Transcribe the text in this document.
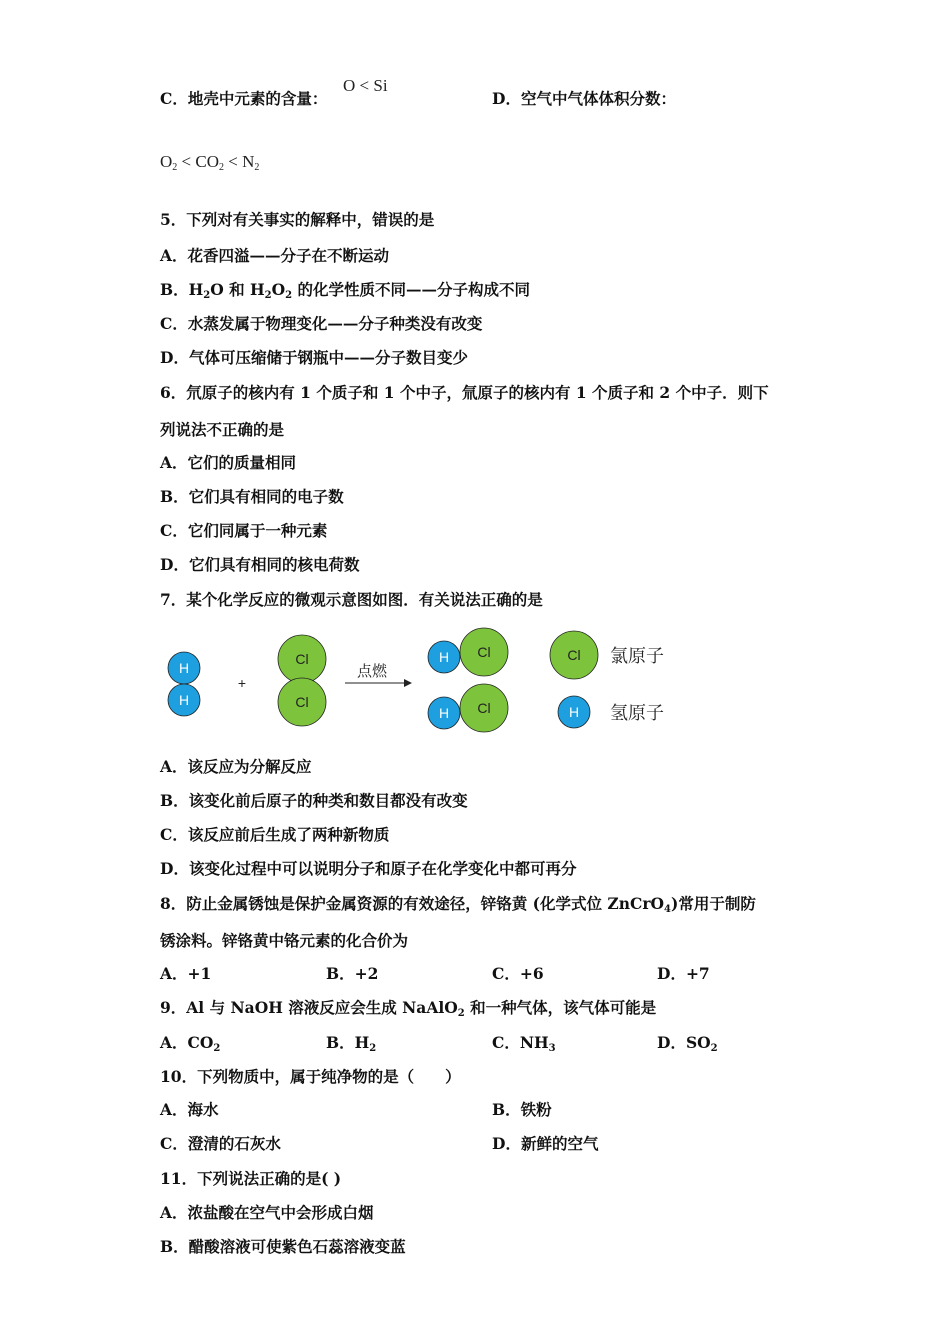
C．地壳中元素的含量：
O < Si
D．空气中气体体积分数：
$O_2 < CO_2 < N_2$
5．下列对有关事实的解释中，错误的是
A．花香四溢——分子在不断运动
B．$H_2O$ 和 $H_2O_2$ 的化学性质不同——分子构成不同
C．水蒸发属于物理变化——分子种类没有改变
D．气体可压缩储于钢瓶中——分子数目变少
6．氘原子的核内有 1 个质子和 1 个中子，氚原子的核内有 1 个质子和 2 个中子．则下
列说法不正确的是
A．它们的质量相同
B．它们具有相同的电子数
C．它们同属于一种元素
D．它们具有相同的核电荷数
7．某个化学反应的微观示意图如图．有关说法正确的是
H
H
+
Cl
Cl
点燃
Cl
H
Cl
H
Cl 氯原子
H 氢原子
A．该反应为分解反应
B．该变化前后原子的种类和数目都没有改变
C．该反应前后生成了两种新物质
D．该变化过程中可以说明分子和原子在化学变化中都可再分
8．防止金属锈蚀是保护金属资源的有效途径，锌铬黄 (化学式位 ZnCrO$_4$)常用于制防
锈涂料。锌铬黄中铬元素的化合价为
A．+1	B．+2	C．+6	D．+7
9．Al 与 NaOH 溶液反应会生成 NaAlO$_2$ 和一种气体，该气体可能是
A．$CO_2$	B．$H_2$	C．$NH_3$	D．$SO_2$
10．下列物质中，属于纯净物的是（　　）
A．海水	B．铁粉
C．澄清的石灰水	D．新鲜的空气
11．下列说法正确的是( )
A．浓盐酸在空气中会形成白烟
B．醋酸溶液可使紫色石蕊溶液变蓝
